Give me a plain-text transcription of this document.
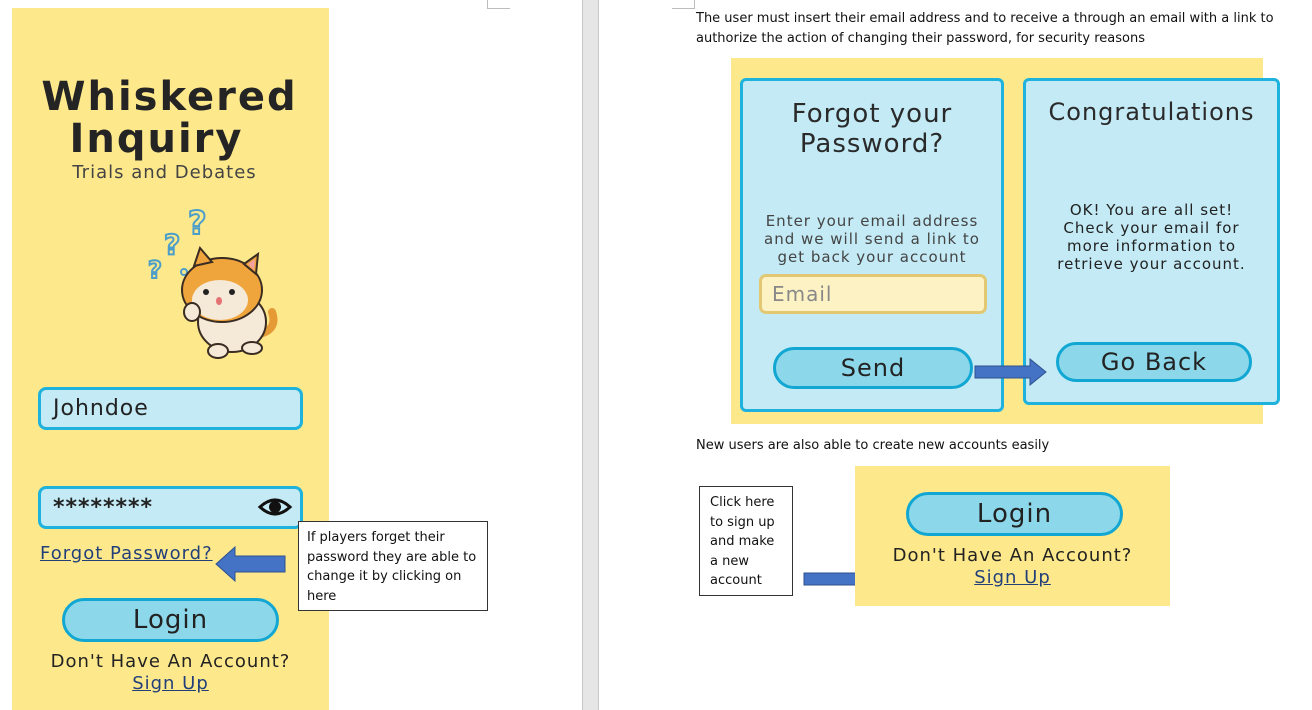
Whiskered
Inquiry
Trials and Debates
?
?
?
Johndoe
********
Forgot Password?
Login
Don't Have An Account?
Sign Up
If players forget their password they are able to change it by clicking on here
The user must insert their email address and to receive a through an email with a link to authorize the action of changing their password, for security reasons
Forgot your Password?
Enter your email address and we will send a link to get back your account
Email
Send
Congratulations
OK! You are all set! Check your email for more information to retrieve your account.
Go Back
New users are also able to create new accounts easily
Click here to sign up and make a new account
Login
Don't Have An Account?
Sign Up
